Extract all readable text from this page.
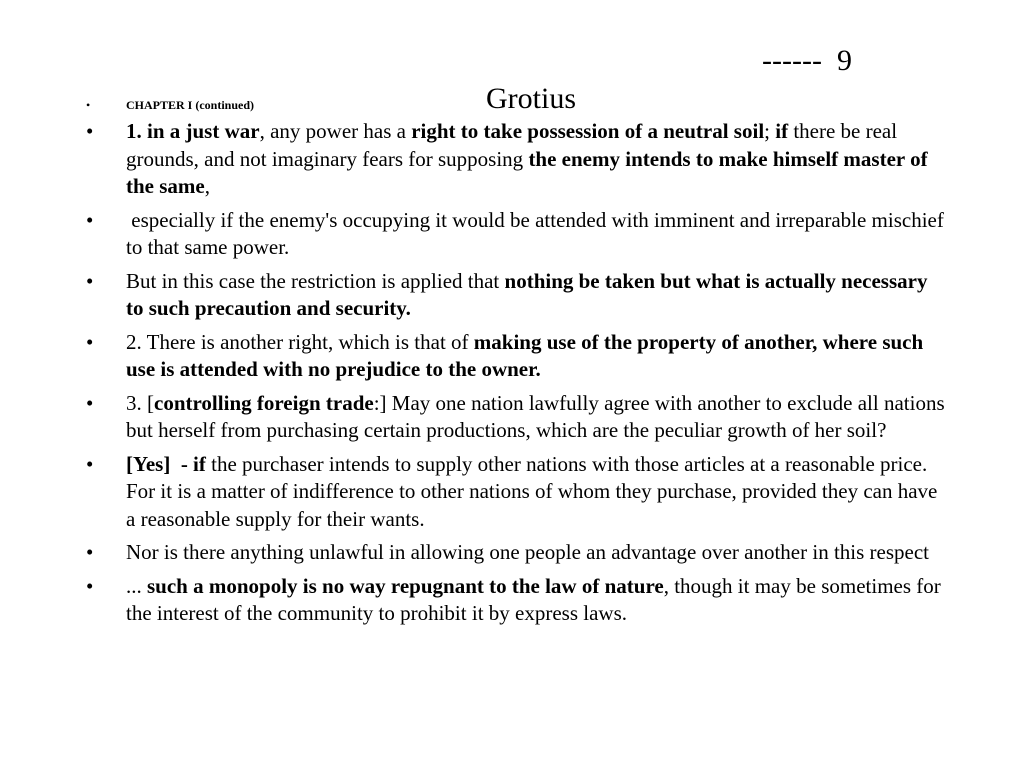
Grotius

------  9

•	CHAPTER I (continued)
•	1. in a just war, any power has a right to take possession of a neutral soil; if there be real grounds, and not imaginary fears for supposing the enemy intends to make himself master of the same,
•	especially if the enemy's occupying it would be attended with imminent and irreparable mischief to that same power.
•	But in this case the restriction is applied that nothing be taken but what is actually necessary to such precaution and security.
•	2. There is another right, which is that of making use of the property of another, where such use is attended with no prejudice to the owner.
•	3. [controlling foreign trade:] May one nation lawfully agree with another to exclude all nations but herself from purchasing certain productions, which are the peculiar growth of her soil?
•	[Yes]  - if the purchaser intends to supply other nations with those articles at a reasonable price. For it is a matter of indifference to other nations of whom they purchase, provided they can have a reasonable supply for their wants.
•	Nor is there anything unlawful in allowing one people an advantage over another in this respect
•	... such a monopoly is no way repugnant to the law of nature, though it may be sometimes for the interest of the community to prohibit it by express laws.
